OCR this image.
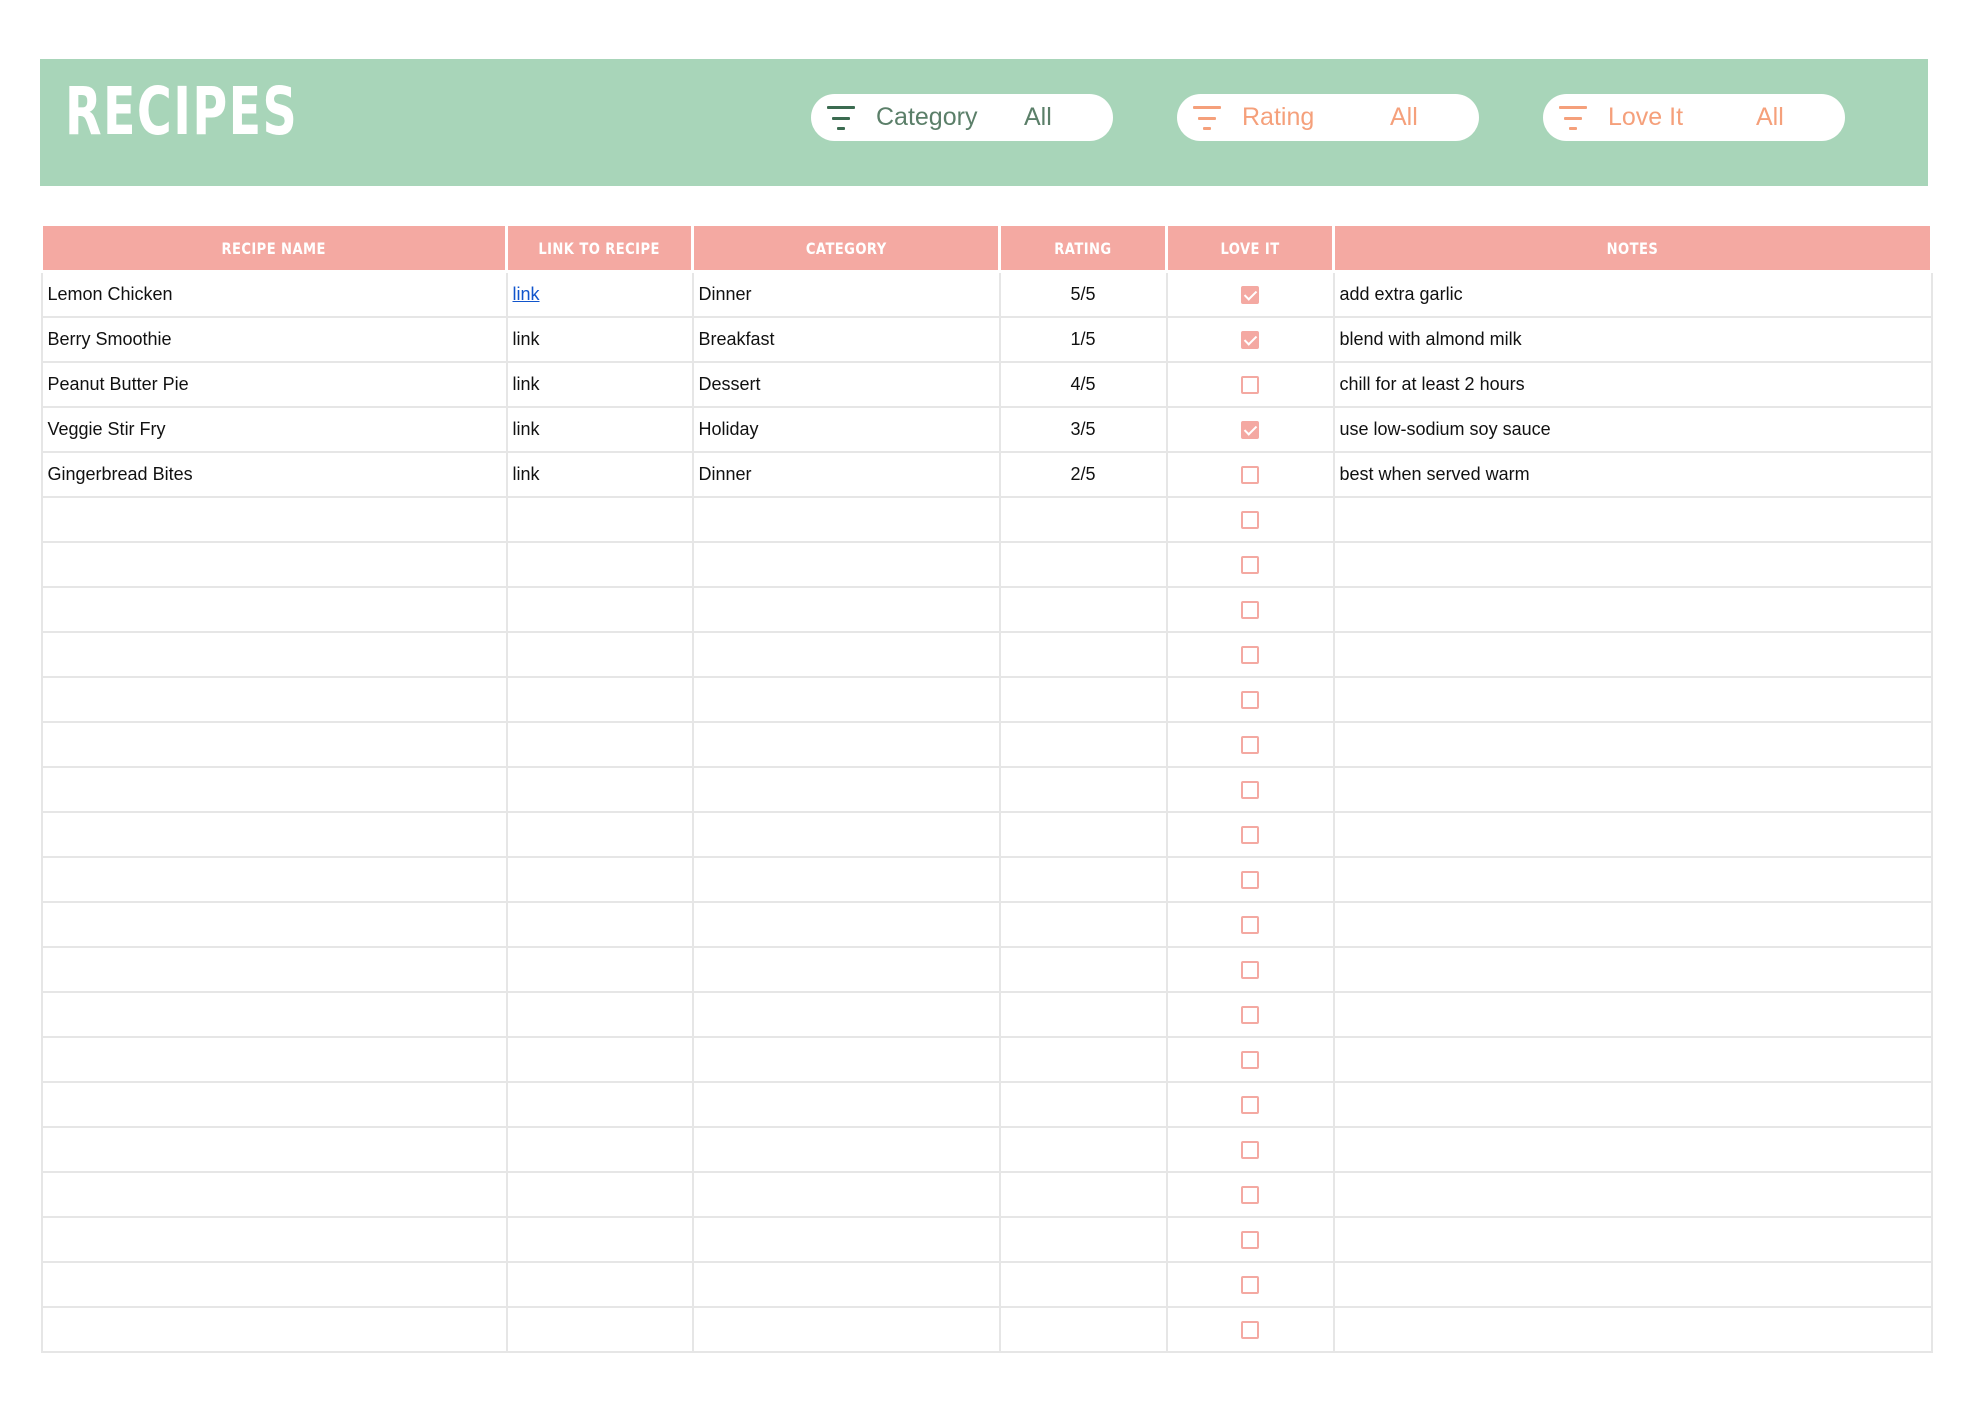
RECIPES	Category All	Rating	All	Love It	All
RECIPE NAME	LINK TO RECIPE	CATEGORY	RATING	LOVE IT	NOTES
Lemon Chicken	link	Dinner	5/5		add extra garlic
Berry Smoothie	link	Breakfast	1/5		blend with almond milk
Peanut Butter Pie	link	Dessert	4/5		chill for at least 2 hours
Veggie Stir Fry	link	Holiday	3/5		use low-sodium soy sauce
Gingerbread Bites	link	Dinner	2/5		best when served warm
